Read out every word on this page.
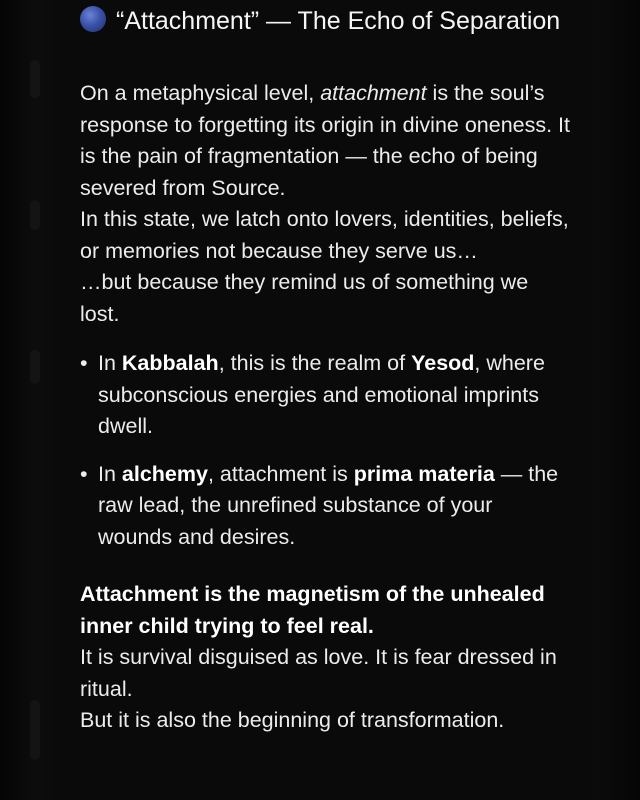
“Attachment” — The Echo of Separation

On a metaphysical level, attachment is the soul’s response to forgetting its origin in divine oneness. It is the pain of fragmentation — the echo of being severed from Source.
In this state, we latch onto lovers, identities, beliefs, or memories not because they serve us…
…but because they remind us of something we lost.

• In Kabbalah, this is the realm of Yesod, where subconscious energies and emotional imprints dwell.
• In alchemy, attachment is prima materia — the raw lead, the unrefined substance of your wounds and desires.

Attachment is the magnetism of the unhealed inner child trying to feel real.
It is survival disguised as love. It is fear dressed in ritual.
But it is also the beginning of transformation.
